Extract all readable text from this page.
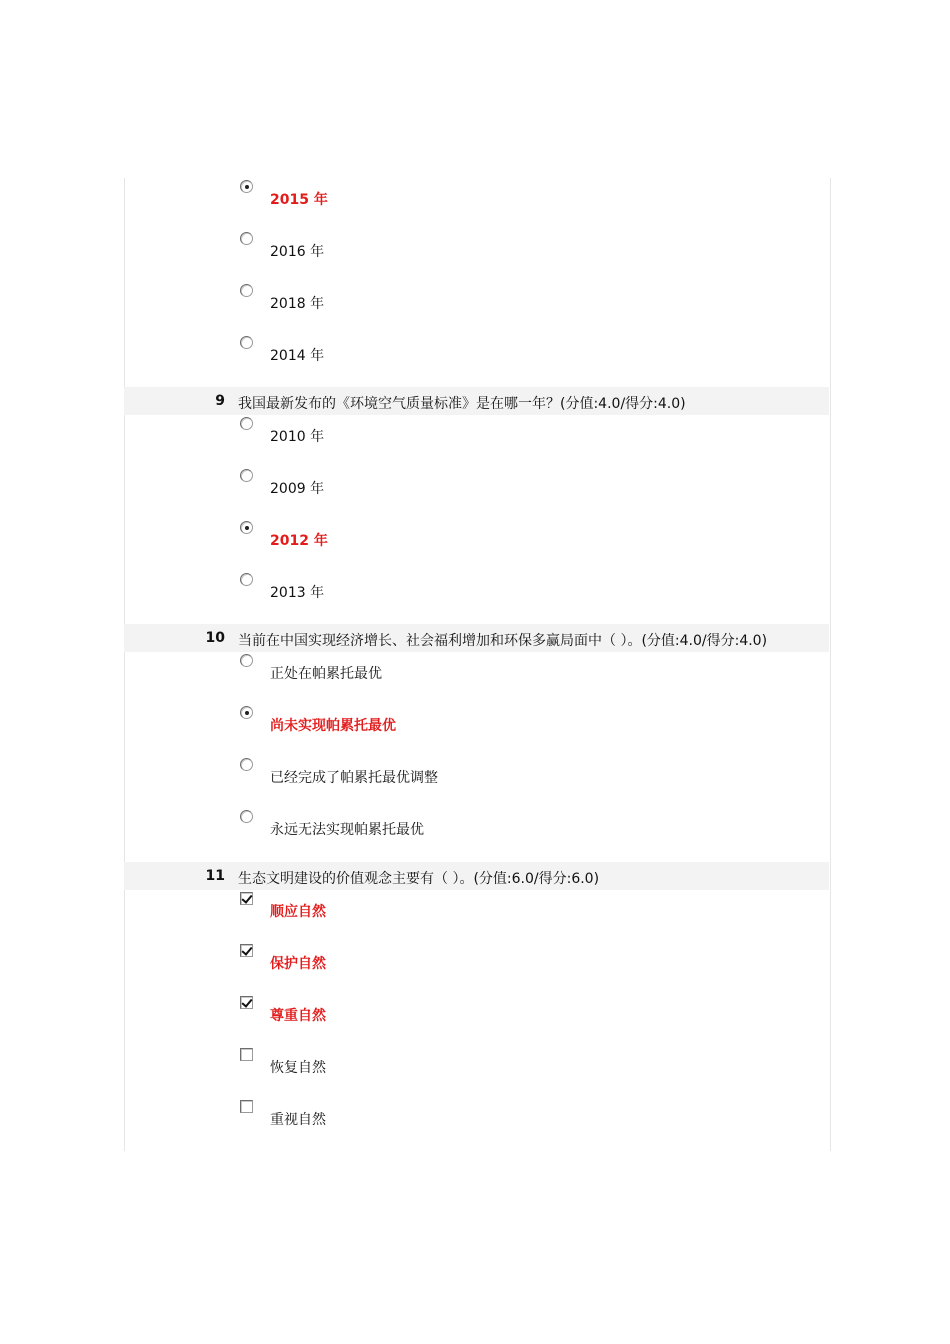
2015 年
2016 年
2018 年
2014 年
9 我国最新发布的《环境空气质量标准》是在哪一年？(分值:4.0/得分:4.0)
2010 年
2009 年
2012 年
2013 年
10 当前在中国实现经济增长、社会福利增加和环保多赢局面中（ ）。(分值:4.0/得分:4.0)
正处在帕累托最优
尚未实现帕累托最优
已经完成了帕累托最优调整
永远无法实现帕累托最优
11 生态文明建设的价值观念主要有（ ）。(分值:6.0/得分:6.0)
顺应自然
保护自然
尊重自然
恢复自然
重视自然
